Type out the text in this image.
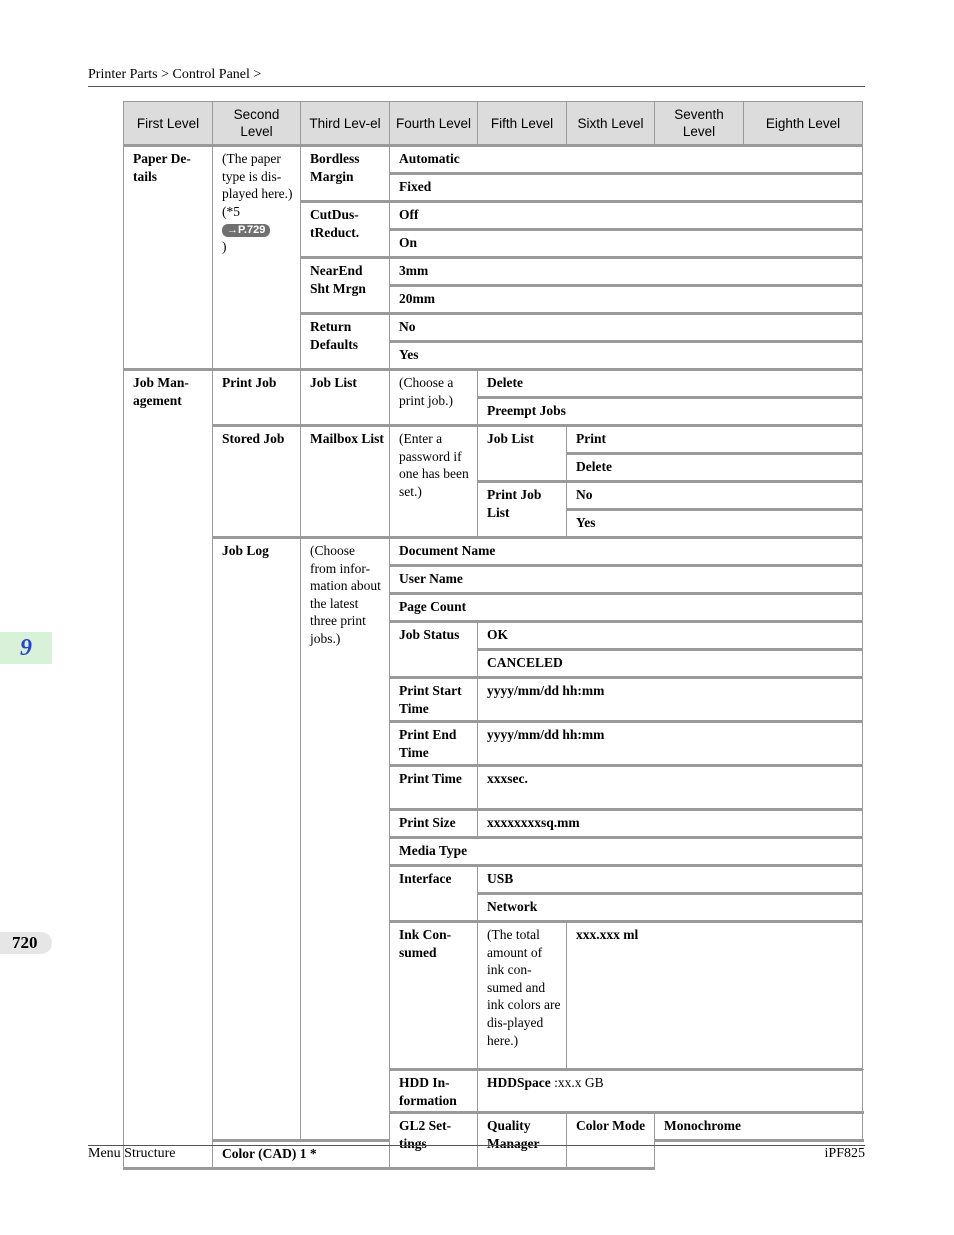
Printer Parts > Control Panel >
9
720
First Level	Second Level	Third Lev-el	Fourth Level	Fifth Level	Sixth Level	Seventh Level	Eighth Level
Paper De-tails	(The paper type is dis-played here.)
(*5
→P.729
)	Bordless Margin	Automatic				
			Fixed				
		CutDus-tReduct.	Off				
			On				
		NearEnd Sht Mrgn	3mm				
			20mm				
		Return Defaults	No				
			Yes				
Job Man-agement	Print Job	Job List	(Choose a print job.)	Delete			
				Preempt Jobs			
	Stored Job	Mailbox List	(Enter a password if one has been set.)	Job List	Print		
					Delete		
				Print Job List	No		
					Yes		
	Job Log	(Choose from infor-mation about the latest three print jobs.)	Document Name				
			User Name				
			Page Count				
			Job Status	OK			
				CANCELED			
			Print Start Time	yyyy/mm/dd hh:mm			
			Print End Time	yyyy/mm/dd hh:mm			
			Print Time	xxxsec.			
			Print Size	xxxxxxxxsq.mm			
			Media Type				
			Interface	USB			
				Network			
			Ink Con-sumed	(The total amount of ink con-sumed and ink colors are dis-played here.)	xxx.xxx ml		
			HDD In-formation	HDDSpace :xx.x GB			
			GL2 Set-tings	Quality Manager	Color Mode	Monochrome	
	Color (CAD) 1 *						
Menu Structure	iPF825
